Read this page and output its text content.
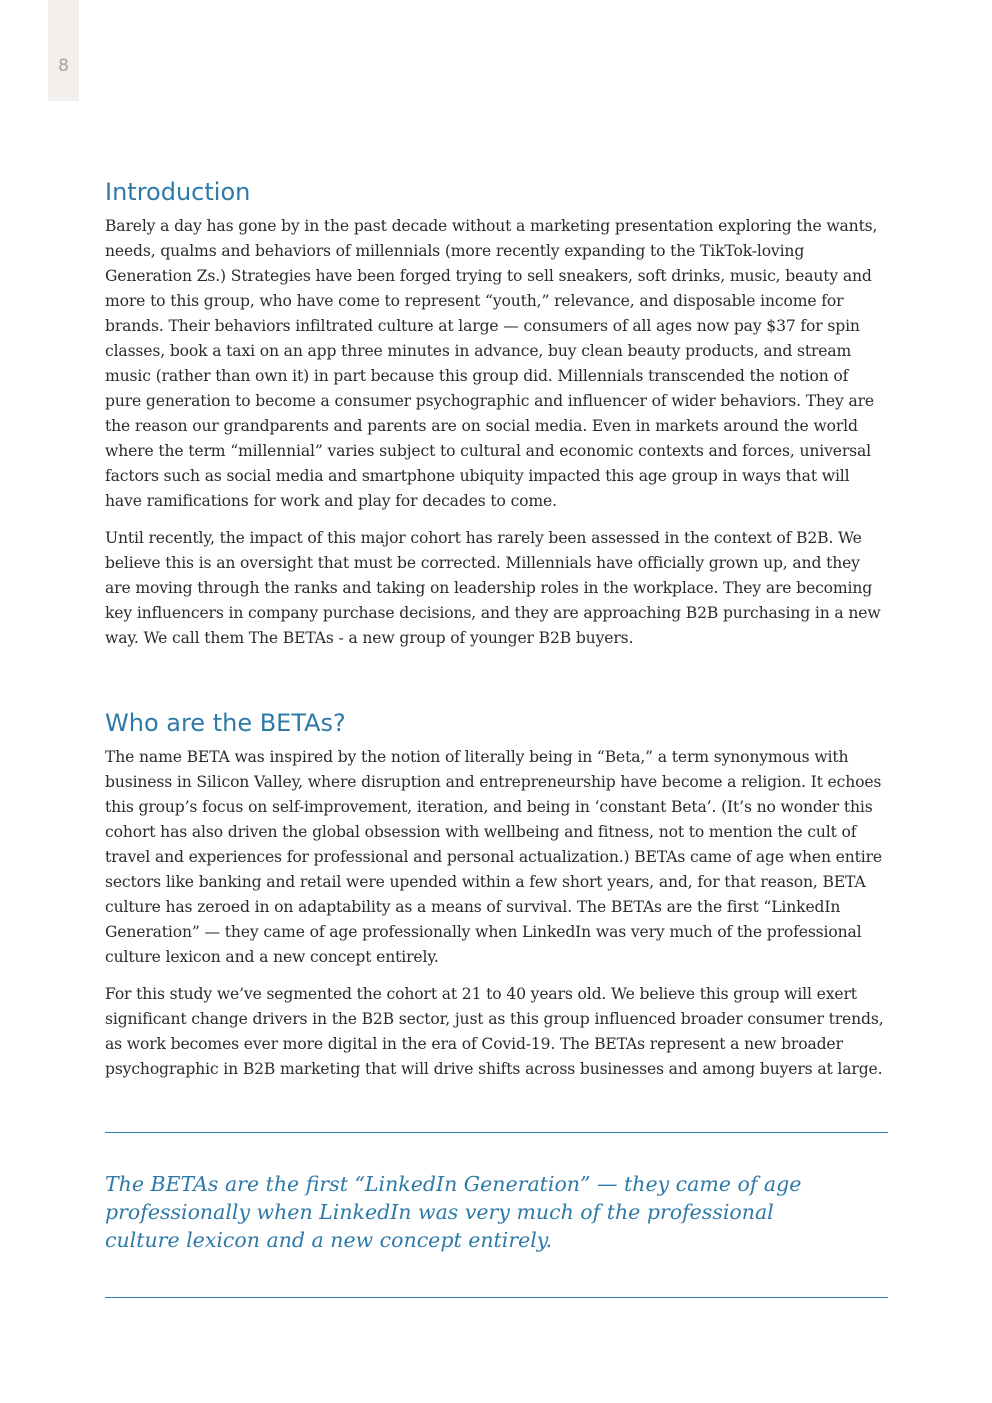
8
Introduction

Barely a day has gone by in the past decade without a marketing presentation exploring the wants, needs, qualms and behaviors of millennials (more recently expanding to the TikTok-loving Generation Zs.) Strategies have been forged trying to sell sneakers, soft drinks, music, beauty and more to this group, who have come to represent “youth,” relevance, and disposable income for brands. Their behaviors infiltrated culture at large — consumers of all ages now pay $37 for spin classes, book a taxi on an app three minutes in advance, buy clean beauty products, and stream music (rather than own it) in part because this group did. Millennials transcended the notion of pure generation to become a consumer psychographic and influencer of wider behaviors. They are the reason our grandparents and parents are on social media. Even in markets around the world where the term “millennial” varies subject to cultural and economic contexts and forces, universal factors such as social media and smartphone ubiquity impacted this age group in ways that will have ramifications for work and play for decades to come.

Until recently, the impact of this major cohort has rarely been assessed in the context of B2B. We believe this is an oversight that must be corrected. Millennials have officially grown up, and they are moving through the ranks and taking on leadership roles in the workplace. They are becoming key influencers in company purchase decisions, and they are approaching B2B purchasing in a new way. We call them The BETAs - a new group of younger B2B buyers.

Who are the BETAs?

The name BETA was inspired by the notion of literally being in “Beta,” a term synonymous with business in Silicon Valley, where disruption and entrepreneurship have become a religion. It echoes this group’s focus on self-improvement, iteration, and being in ‘constant Beta’. (It’s no wonder this cohort has also driven the global obsession with wellbeing and fitness, not to mention the cult of travel and experiences for professional and personal actualization.) BETAs came of age when entire sectors like banking and retail were upended within a few short years, and, for that reason, BETA culture has zeroed in on adaptability as a means of survival. The BETAs are the first “LinkedIn Generation” — they came of age professionally when LinkedIn was very much of the professional culture lexicon and a new concept entirely.

For this study we’ve segmented the cohort at 21 to 40 years old. We believe this group will exert significant change drivers in the B2B sector, just as this group influenced broader consumer trends, as work becomes ever more digital in the era of Covid-19. The BETAs represent a new broader psychographic in B2B marketing that will drive shifts across businesses and among buyers at large.

The BETAs are the first “LinkedIn Generation” — they came of age professionally when LinkedIn was very much of the professional culture lexicon and a new concept entirely.
